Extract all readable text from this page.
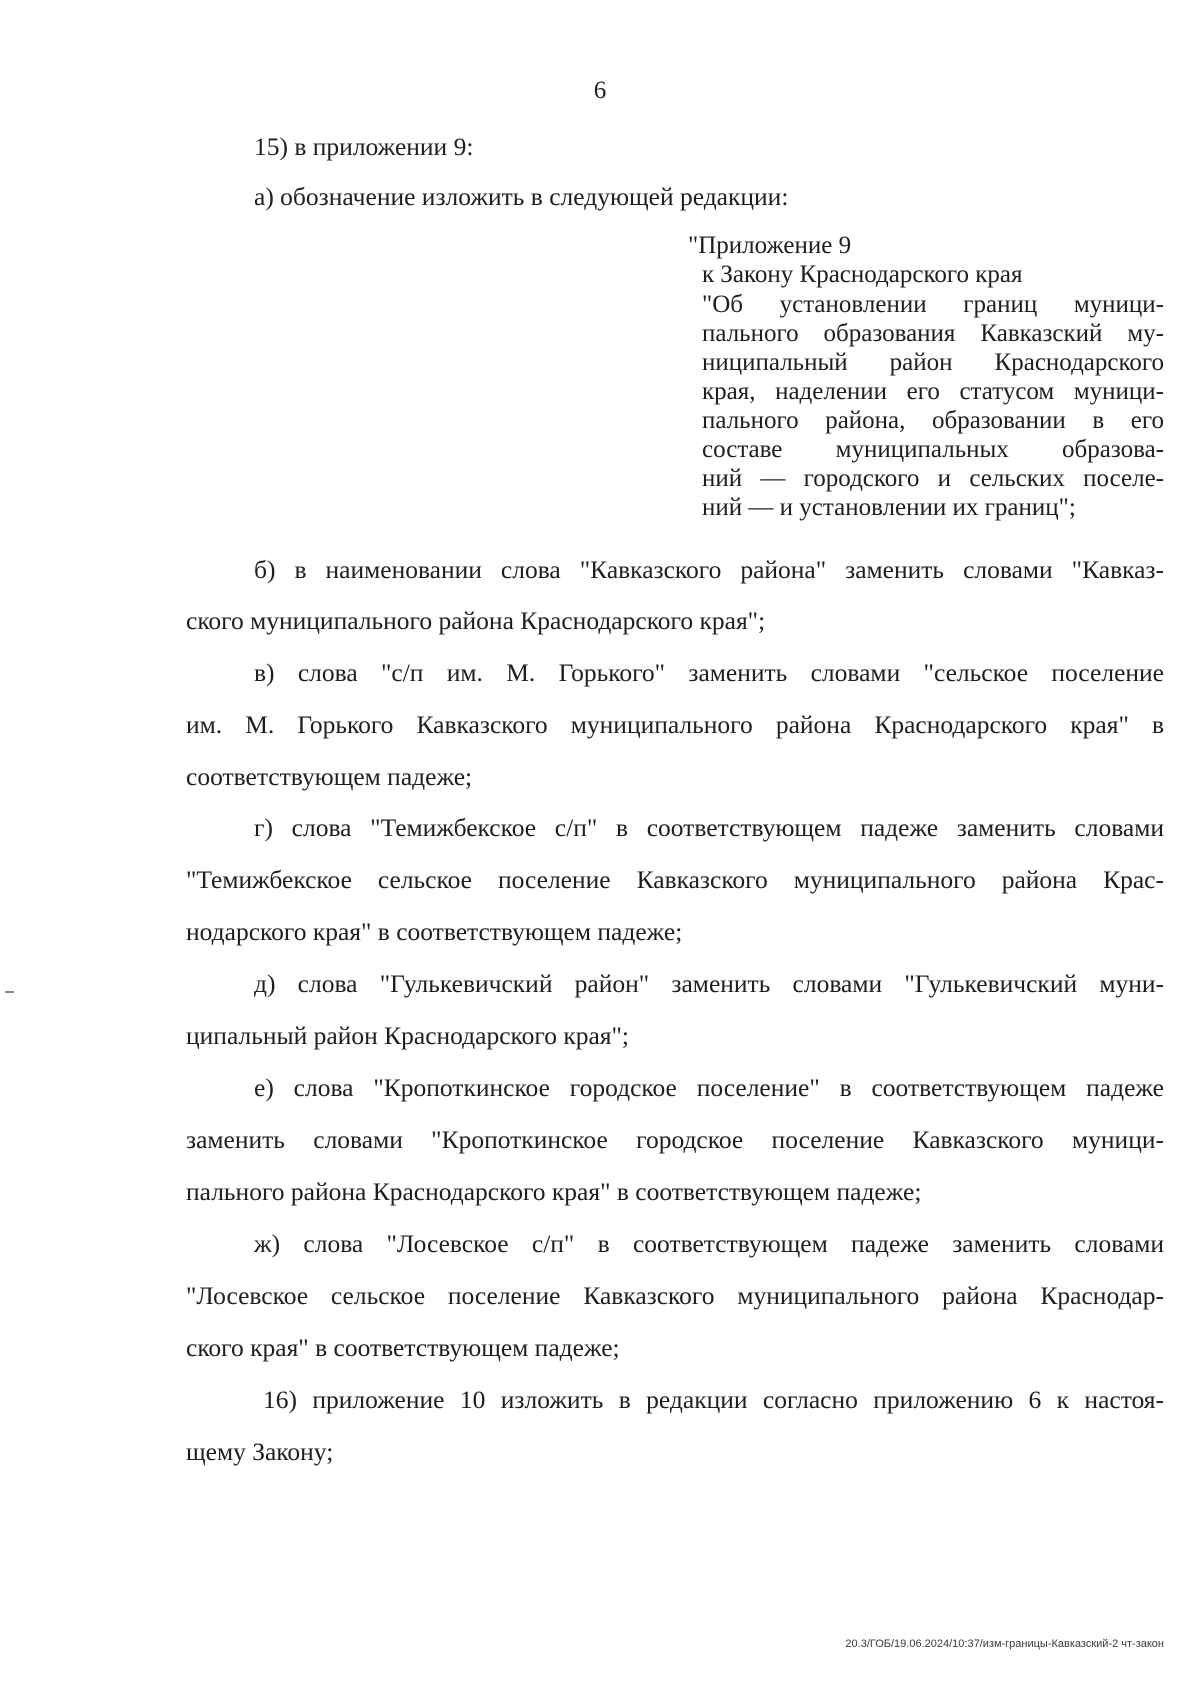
6
15) в приложении 9:
а) обозначение изложить в следующей редакции:
"Приложение 9
к Закону Краснодарского края
"Об установлении границ муници-
пального образования Кавказский му-
ниципальный район Краснодарского
края, наделении его статусом муници-
пального района, образовании в его
составе муниципальных образова-
ний — городского и сельских поселе-
ний — и установлении их границ";
б) в наименовании слова "Кавказского района" заменить словами "Кавказ-
ского муниципального района Краснодарского края";
в) слова "с/п им. М. Горького" заменить словами "сельское поселение
им. М. Горького Кавказского муниципального района Краснодарского края" в
соответствующем падеже;
г) слова "Темижбекское с/п" в соответствующем падеже заменить словами
"Темижбекское сельское поселение Кавказского муниципального района Крас-
нодарского края" в соответствующем падеже;
д) слова "Гулькевичский район" заменить словами "Гулькевичский муни-
ципальный район Краснодарского края";
е) слова "Кропоткинское городское поселение" в соответствующем падеже
заменить словами "Кропоткинское городское поселение Кавказского муници-
пального района Краснодарского края" в соответствующем падеже;
ж) слова "Лосевское с/п" в соответствующем падеже заменить словами
"Лосевское сельское поселение Кавказского муниципального района Краснодар-
ского края" в соответствующем падеже;
16) приложение 10 изложить в редакции согласно приложению 6 к настоя-
щему Закону;
20.3/ГОБ/19.06.2024/10:37/изм-границы-Кавказский-2 чт-закон
